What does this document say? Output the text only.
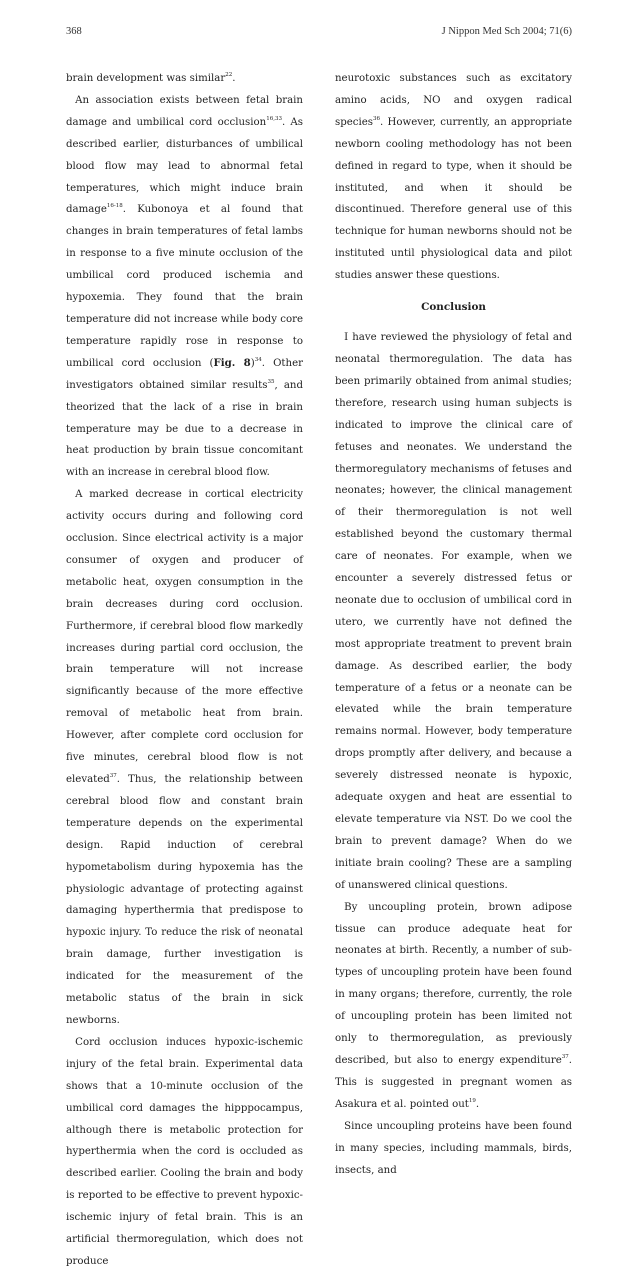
368	J Nippon Med Sch 2004; 71(6)

brain development was similar$^{22}$.

An association exists between fetal brain damage and umbilical cord occlusion$^{16,33}$. As described earlier, disturbances of umbilical blood flow may lead to abnormal fetal temperatures, which might induce brain damage$^{16-18}$. Kubonoya et al found that changes in brain temperatures of fetal lambs in response to a five minute occlusion of the umbilical cord produced ischemia and hypoxemia. They found that the brain temperature did not increase while body core temperature rapidly rose in response to umbilical cord occlusion (Fig. 8)$^{34}$. Other investigators obtained similar results$^{35}$, and theorized that the lack of a rise in brain temperature may be due to a decrease in heat production by brain tissue concomitant with an increase in cerebral blood flow.

A marked decrease in cortical electricity activity occurs during and following cord occlusion. Since electrical activity is a major consumer of oxygen and producer of metabolic heat, oxygen consumption in the brain decreases during cord occlusion. Furthermore, if cerebral blood flow markedly increases during partial cord occlusion, the brain temperature will not increase significantly because of the more effective removal of metabolic heat from brain. However, after complete cord occlusion for five minutes, cerebral blood flow is not elevated$^{37}$. Thus, the relationship between cerebral blood flow and constant brain temperature depends on the experimental design. Rapid induction of cerebral hypometabolism during hypoxemia has the physiologic advantage of protecting against damaging hyperthermia that predispose to hypoxic injury. To reduce the risk of neonatal brain damage, further investigation is indicated for the measurement of the metabolic status of the brain in sick newborns.

Cord occlusion induces hypoxic-ischemic injury of the fetal brain. Experimental data shows that a 10-minute occlusion of the umbilical cord damages the hipppocampus, although there is metabolic protection for hyperthermia when the cord is occluded as described earlier. Cooling the brain and body is reported to be effective to prevent hypoxic-ischemic injury of fetal brain. This is an artificial thermoregulation, which does not produce

neurotoxic substances such as excitatory amino acids, NO and oxygen radical species$^{36}$. However, currently, an appropriate newborn cooling methodology has not been defined in regard to type, when it should be instituted, and when it should be discontinued. Therefore general use of this technique for human newborns should not be instituted until physiological data and pilot studies answer these questions.

Conclusion

I have reviewed the physiology of fetal and neonatal thermoregulation. The data has been primarily obtained from animal studies; therefore, research using human subjects is indicated to improve the clinical care of fetuses and neonates. We understand the thermoregulatory mechanisms of fetuses and neonates; however, the clinical management of their thermoregulation is not well established beyond the customary thermal care of neonates. For example, when we encounter a severely distressed fetus or neonate due to occlusion of umbilical cord in utero, we currently have not defined the most appropriate treatment to prevent brain damage. As described earlier, the body temperature of a fetus or a neonate can be elevated while the brain temperature remains normal. However, body temperature drops promptly after delivery, and because a severely distressed neonate is hypoxic, adequate oxygen and heat are essential to elevate temperature via NST. Do we cool the brain to prevent damage? When do we initiate brain cooling? These are a sampling of unanswered clinical questions.

By uncoupling protein, brown adipose tissue can produce adequate heat for neonates at birth. Recently, a number of sub-types of uncoupling protein have been found in many organs; therefore, currently, the role of uncoupling protein has been limited not only to thermoregulation, as previously described, but also to energy expenditure$^{37}$. This is suggested in pregnant women as Asakura et al. pointed out$^{19}$.

Since uncoupling proteins have been found in many species, including mammals, birds, insects, and
